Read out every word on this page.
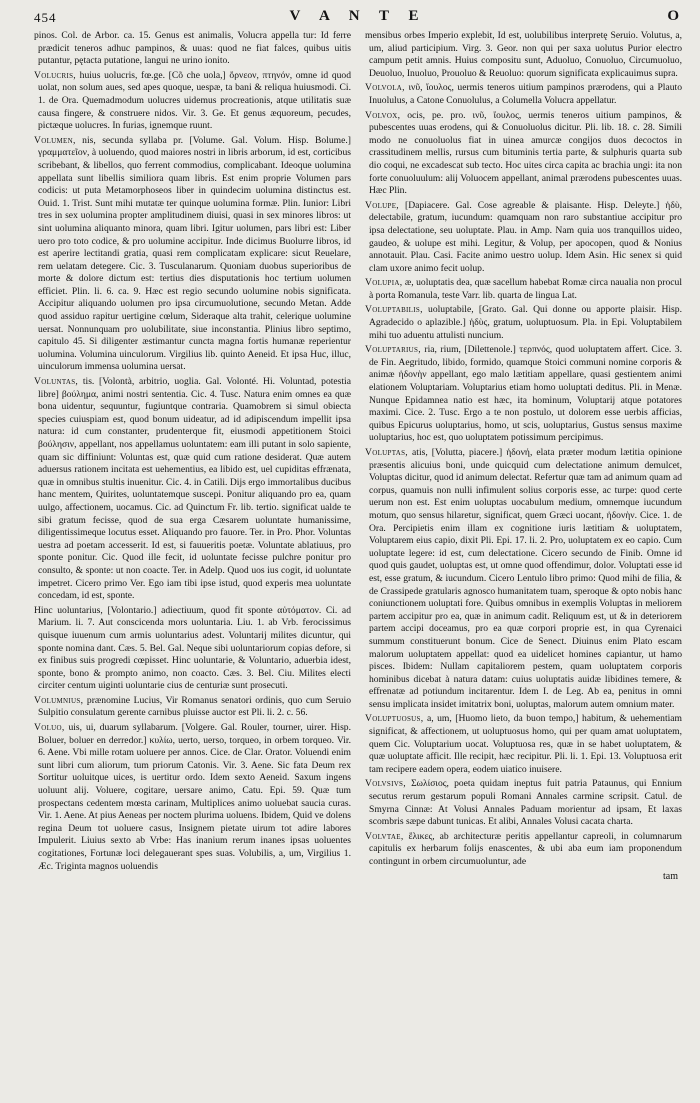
454	V A N T E	O

pinos. Col. de Arbor. ca. 15. Genus est animalis, Volucra appella tur: Id ferre prædicit teneros adhuc pampinos, & uuas: quod ne fiat falces, quibus uitis putantur, pętacta putatione, langui ne urino ionito.

Volucris, huius uolucris, fœ.ge. [Cõ che uola,] ὄρνεον, πτηνόν, omne id quod uolat, non solum aues, sed apes quoque, uespæ, ta bani & reliqua huiusmodi. Ci. 1. de Ora. Quemadmodum uolucres uidemus procreationis, atque utilitatis suæ causa fingere, & construere nidos. Vir. 3. Ge. Et genus æquoreum, pecudes, pictæque uolucres. In furias, ignemque ruunt.

Volumen, nis, secunda syllaba pr. [Volume. Gal. Volum. Hisp. Bolume.] γραμματεῖον, à uoluendo, quod maiores nostri in libris arborum, id est, corticibus scribebant, & libellos, quo ferrent commodius, complicabant. Ideoque uolumina appellata sunt libellis similiora quam libris. Est enim proprie Volumen pars codicis: ut puta Metamorphoseos liber in quindecim uolumina distinctus est. Ouid. 1. Trist. Sunt mihi mutatæ ter quinque uolumina formæ. Plin. Iunior: Libri tres in sex uolumina propter amplitudinem diuisi, quasi in sex minores libros: ut sint uolumina aliquanto minora, quam libri. Igitur uolumen, pars libri est: Liber uero pro toto codice, & pro uolumine accipitur. Inde dicimus Buolurre libros, id est aperire lectitandi gratia, quasi rem complicatam explicare: sicut Reuelare, rem uelatam detegere. Cic. 3. Tusculanarum. Quoniam duobus superioribus de morte & dolore dictum est: tertius dies disputationis hoc tertium uolumen efficiet. Plin. li. 6. ca. 9. Hæc est regio secundo uolumine nobis significata. Accipitur aliquando uolumen pro ipsa circumuolutione, secundo Metan. Adde quod assiduo rapitur uertigine cœlum, Sideraque alta trahit, celerique uolumine uersat. Nonnunquam pro uolubilitate, siue inconstantia. Plinius libro septimo, capitulo 45. Si diligenter æstimantur cuncta magna fortis humanæ reperientur uolumina. Volumina uinculorum. Virgilius lib. quinto Aeneid. Et ipsa Huc, illuc, uinculorum immensa uolumina uersat.

Voluntas, tis. [Volontà, arbitrio, uoglia. Gal. Volonté. Hi. Voluntad, potestia libre] βούλημα, animi nostri sententia. Cic. 4. Tusc. Natura enim omnes ea quæ bona uidentur, sequuntur, fugiuntque contraria. Quamobrem si simul obiecta species cuiuspiam est, quod bonum uideatur, ad id adipiscendum impellit ipsa natura: id cum constanter, prudenterque fit, eiusmodi appetitionem Stoici βούλησιν, appellant, nos appellamus uoluntatem: eam illi putant in solo sapiente, quam sic diffiniunt: Voluntas est, quæ quid cum ratione desiderat. Quæ autem aduersus rationem incitata est uehementius, ea libido est, uel cupiditas effrænata, quæ in omnibus stultis inuenitur. Cic. 4. in Catili. Dijs ergo immortalibus ducibus hanc mentem, Quirites, uoluntatemque suscepi. Ponitur aliquando pro ea, quam uulgo, affectionem, uocamus. Cic. ad Quinctum Fr. lib. tertio. significat ualde te sibi gratum fecisse, quod de sua erga Cæsarem uoluntate humanissime, diligentissimeque locutus esset. Aliquando pro fauore. Ter. in Pro. Phor. Voluntas uestra ad poetam accesserit. Id est, si fauueritis poetæ. Voluntate ablatiuus, pro sponte ponitur. Cic. Quod ille fecit, id uoluntate fecisse pulchre ponitur pro consulto, & sponte: ut non coacte. Ter. in Adelp. Quod uos ius cogit, id uoluntate impetret. Cicero primo Ver. Ego iam tibi ipse istud, quod experis mea uoluntate concedam, id est, sponte.

Hinc uoluntarius, [Volontario.] adiectiuum, quod fit sponte αὐτόματον. Ci. ad Marium. li. 7. Aut conscicenda mors uoluntaria. Liu. 1. ab Vrb. ferocissimus quisque iuuenum cum armis uoluntarius adest. Voluntarij milites dicuntur, qui sponte nomina dant. Cæs. 5. Bel. Gal. Neque sibi uoluntariorum copias defore, si ex finibus suis progredi cœpisset. Hinc uoluntarie, & Voluntario, aduerbia idest, sponte, bono & prompto animo, non coacto. Cæs. 3. Bel. Ciu. Milites electi circiter centum uiginti uoluntarie cius de centuriæ sunt prosecuti.

Volumnius, prænomine Lucius, Vir Romanus senatori ordinis, quo cum Seruio Sulpitio consulatum gerente carnibus pluisse auctor est Pli. li. 2. c. 56.

Voluo, uis, ui, duarum syllabarum. [Volgere. Gal. Rouler, tourner, uirer. Hisp. Boluer, boluer en derredor.] κυλίω, uerto, uerso, torqueo, in orbem torqueo. Vir. 6. Aene. Vbi mille rotam uoluere per annos. Cice. de Clar. Orator. Voluendi enim sunt libri cum aliorum, tum priorum Catonis. Vir. 3. Aene. Sic fata Deum rex Sortitur uoluitque uices, is uertitur ordo. Idem sexto Aeneid. Saxum ingens uoluunt alij. Voluere, cogitare, uersare animo, Catu. Epi. 59. Quæ tum prospectans cedentem mœsta carinam, Multiplices animo uoluebat saucia curas. Vir. 1. Aene. At pius Aeneas per noctem plurima uoluens. Ibidem, Quid ve dolens regina Deum tot uoluere casus, Insignem pietate uirum tot adire labores Impulerit. Liuius sexto ab Vrbe: Has inanium rerum inanes ipsas uoluentes cogitationes, Fortunæ loci delegauerant spes suas. Volubilis, a, um, Virgilius 1. Æc. Triginta magnos uoluendis

mensibus orbes Imperio explebit, Id est, uolubilibus interpretę Seruio. Volutus, a, um, aliud participium. Virg. 3. Geor. non qui per saxa uolutus Purior electro campum petit amnis. Huius compositu sunt, Aduoluo, Conuoluo, Circumuoluo, Deuoluo, Inuoluo, Prouoluo & Reuoluo: quorum significata explicauimus supra.

Volvola, ινῦ, ἴουλος, uermis teneros uitium pampinos prærodens, qui a Plauto Inuolulus, a Catone Conuolulus, a Columella Volucra appellatur.

Volvox, ocis, pe. pro. ινῦ, ἴουλος, uermis teneros uitium pampinos, & pubescentes uuas erodens, qui & Conuoluolus dicitur. Pli. lib. 18. c. 28. Simili modo ne conuoluolus fiat in uinea amurcæ congijos duos decoctos in crassitudinem mellis, rursus cum bituminis tertia parte, & sulphuris quarta sub dio coqui, ne excadescat sub tecto. Hoc uites circa capita ac brachia ungi: ita non forte conuoluulum: alij Voluocem appellant, animal prærodens pubescentes uuas. Hæc Plin.

Volupe, [Dapiacere. Gal. Cose agreable & plaisante. Hisp. Deleyte.] ἡδὺ, delectabile, gratum, iucundum: quamquam non raro substantiue accipitur pro ipsa delectatione, seu uoluptate. Plau. in Amp. Nam quia uos tranquillos uideo, gaudeo, & uolupe est mihi. Legitur, & Volup, per apocopen, quod & Nonius annotauit. Plau. Casi. Facite animo uestro uolup. Idem Asin. Hic senex si quid clam uxore animo fecit uolup.

Volupia, æ, uoluptatis dea, quæ sacellum habebat Romæ circa naualia non procul à porta Romanula, teste Varr. lib. quarta de lingua Lat.

Voluptabilis, uoluptabile, [Grato. Gal. Qui donne ou apporte plaisir. Hisp. Agradecido o aplazible.] ἡδὺς, gratum, uoluptuosum. Pla. in Epi. Voluptabilem mihi tuo aduentu attulisti nuncium.

Voluptarius, ria, rium, [Dilettenole.] τερπνός, quod uoluptatem affert. Cice. 3. de Fin. Aegritudo, libido, formido, quamque Stoici communi nomine corporis & animæ ἡδονὴν appellant, ego malo lætitiam appellare, quasi gestientem animi elationem Voluptariam. Voluptarius etiam homo uoluptati deditus. Pli. in Menæ. Nunque Epidamnea natio est hæc, ita hominum, Voluptarij atque potatores maximi. Cice. 2. Tusc. Ergo a te non postulo, ut dolorem esse uerbis afficias, quibus Epicurus uoluptarius, homo, ut scis, uoluptarius, Gustus sensus maxime uoluptarius, hoc est, quo uoluptatem potissimum percipimus.

Voluptas, atis, [Volutta, piacere.] ἡδονή, elata præter modum lætitia opinione præsentis alicuius boni, unde quicquid cum delectatione animum demulcet, Voluptas dicitur, quod id animum delectat. Refertur quæ tam ad animum quam ad corpus, quamuis non nulli infimulent solius corporis esse, ac turpe: quod certe uerum non est. Est enim uoluptas uocabulum medium, omnemque iucundum motum, quo sensus hilaretur, significat, quem Græci uocant, ἡδονὴν. Cice. 1. de Ora. Percipietis enim illam ex cognitione iuris lætitiam & uoluptatem, Voluptarem eius capio, dixit Pli. Epi. 17. li. 2. Pro, uoluptatem ex eo capio. Cum uoluptate legere: id est, cum delectatione. Cicero secundo de Finib. Omne id quod quis gaudet, uoluptas est, ut omne quod offendimur, dolor. Voluptati esse id est, esse gratum, & iucundum. Cicero Lentulo libro primo: Quod mihi de filia, & de Crassipede gratularis agnosco humanitatem tuam, speroque & opto nobis hanc coniunctionem uoluptati fore. Quibus omnibus in exemplis Voluptas in meliorem partem accipitur pro ea, quæ in animum cadit. Reliquum est, ut & in deteriorem partem accipi doceamus, pro ea quæ corpori proprie est, in qua Cyrenaici summum constituerunt bonum. Cice de Senect. Diuinus enim Plato escam malorum uoluptatem appellat: quod ea uidelicet homines capiantur, ut hamo pisces. Ibidem: Nullam capitaliorem pestem, quam uoluptatem corporis hominibus dicebat à natura datam: cuius uoluptatis auidæ libidines temere, & effrenatæ ad potiundum incitarentur. Idem I. de Leg. Ab ea, penitus in omni sensu implicata insidet imitatrix boni, uoluptas, malorum autem omnium mater.

Voluptuosus, a, um, [Huomo lieto, da buon tempo,] habitum, & uehementiam significat, & affectionem, ut uoluptuosus homo, qui per quam amat uoluptatem, quem Cic. Voluptarium uocat. Voluptuosa res, quæ in se habet uoluptatem, & quæ uoluptate afficit. Ille recipit, hæc recipitur. Pli. li. 1. Epi. 13. Voluptuosa erit tam recipere eadem opera, eodem uiatico inuisere.

Volvsivs, Σωλίσιος, poeta quidam ineptus fuit patria Pataunus, qui Ennium secutus rerum gestarum populi Romani Annales carmine scripsit. Catul. de Smyrna Cinnæ: At Volusi Annales Paduam morientur ad ipsam, Et laxas scombris sæpe dabunt tunicas. Et alibi, Annales Volusi cacata charta.

Volvtae, ἕλικες, ab architecturæ peritis appellantur capreoli, in columnarum capitulis ex herbarum folijs enascentes, & ubi aba eum iam proponendum contingunt in orbem circumuoluntur, ade

tam
